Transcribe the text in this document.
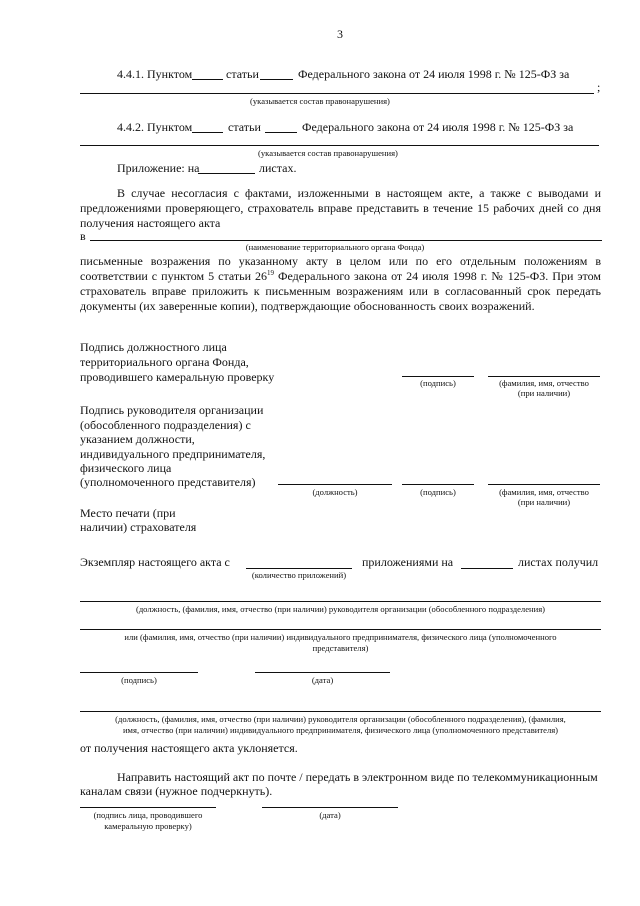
3
4.4.1. Пунктом	статьи	Федерального закона от 24 июля 1998 г. № 125-ФЗ за
;
(указывается состав правонарушения)
4.4.2. Пунктом	статьи	Федерального закона от 24 июля 1998 г. № 125-ФЗ за
(указывается состав правонарушения)
Приложение: на	листах.
В случае несогласия с фактами, изложенными в настоящем акте, а также с выводами и
предложениями проверяющего, страхователь вправе представить в течение 15 рабочих дней со дня
получения настоящего акта
в
(наименование территориального органа Фонда)
письменные возражения по указанному акту в целом или по его отдельным положениям в
соответствии с пунктом 5 статьи $26^{19}$ Федерального закона от 24 июля 1998 г. № 125-ФЗ. При этом
страхователь вправе приложить к письменным возражениям или в согласованный срок передать
документы (их заверенные копии), подтверждающие обоснованность своих возражений.
Подпись должностного лица
территориального органа Фонда,
проводившего камеральную проверку	(подпись)	(фамилия, имя, отчество
(при наличии)
Подпись руководителя организации
(обособленного подразделения) с
указанием должности,
индивидуального предпринимателя,
физического лица
(уполномоченного представителя)
(должность)	(подпись)	(фамилия, имя, отчество
(при наличии)
Место печати (при
наличии) страхователя
Экземпляр настоящего акта с	приложениями на	листах получил
(количество приложений)
(должность, (фамилия, имя, отчество (при наличии) руководителя организации (обособленного подразделения)
или (фамилия, имя, отчество (при наличии) индивидуального предпринимателя, физического лица (уполномоченного
представителя)
(подпись)	(дата)
(должность, (фамилия, имя, отчество (при наличии) руководителя организации (обособленного подразделения), (фамилия,
имя, отчество (при наличии) индивидуального предпринимателя, физического лица (уполномоченного представителя)
от получения настоящего акта уклоняется.
Направить настоящий акт по почте / передать в электронном виде по телекоммуникационным
каналам связи (нужное подчеркнуть).
(подпись лица, проводившего
камеральную проверку)
(дата)
